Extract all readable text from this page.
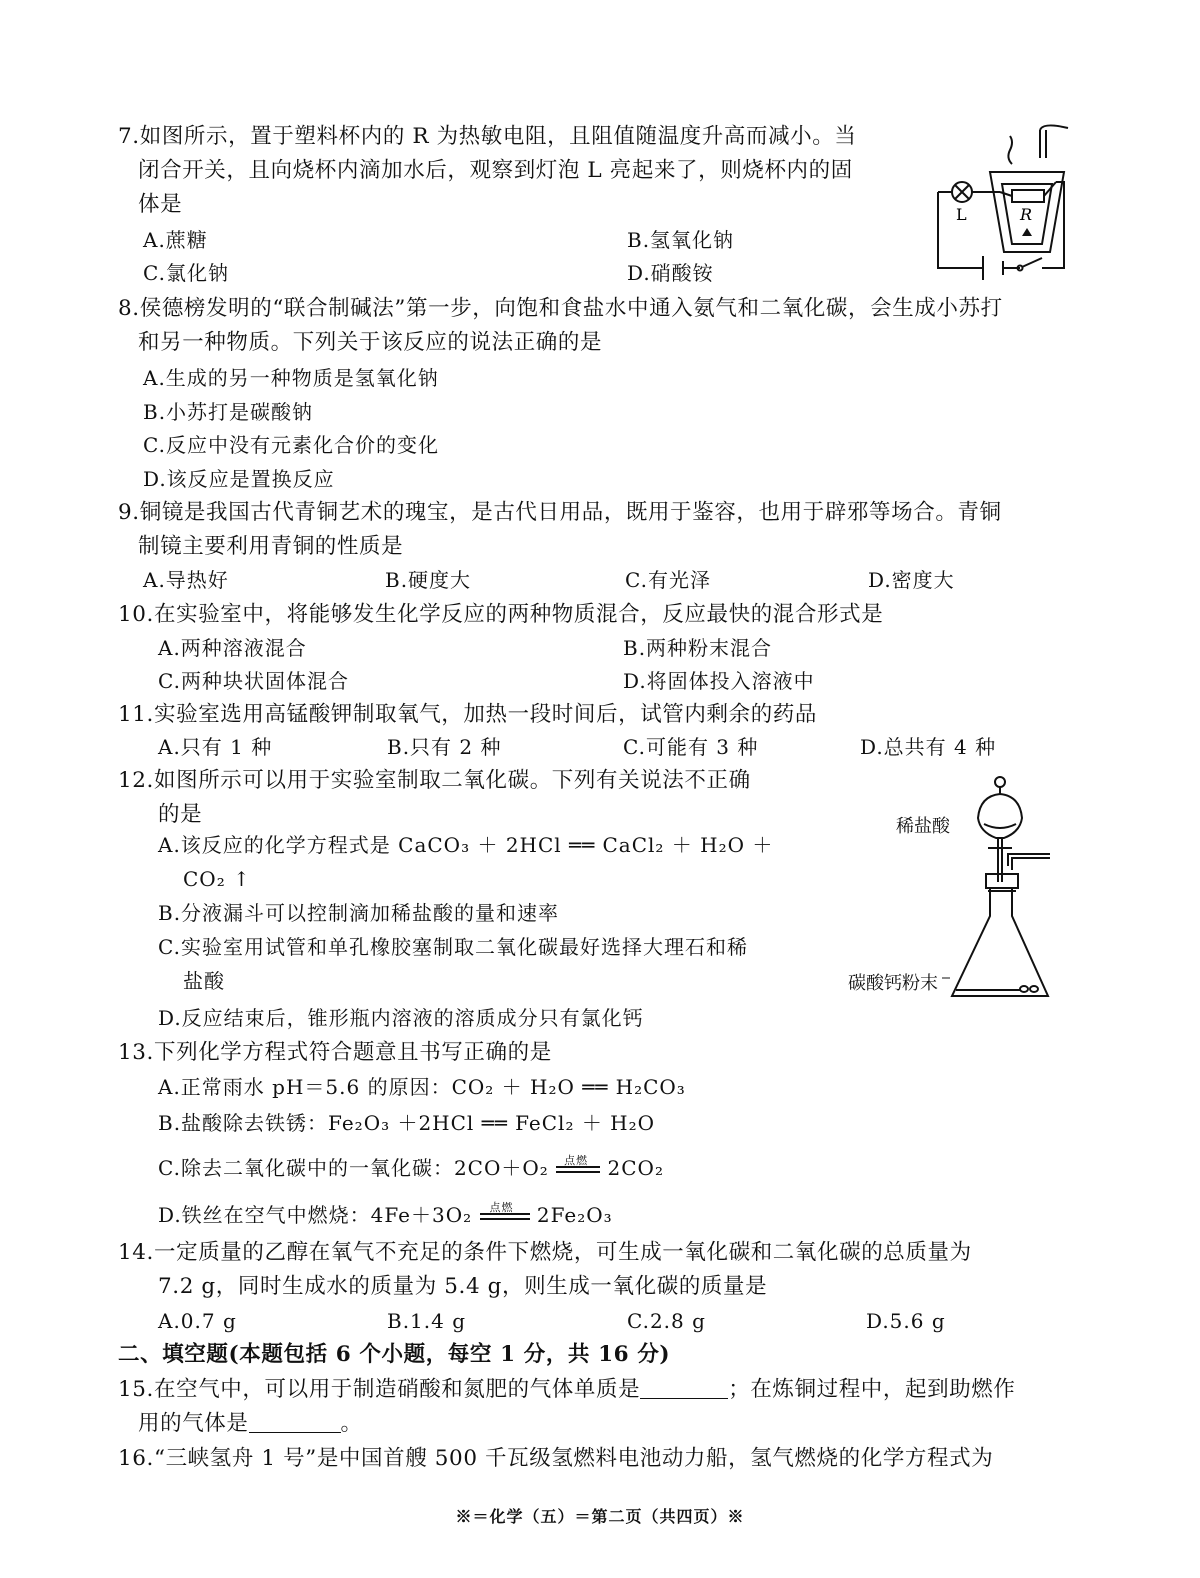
7.如图所示，置于塑料杯内的 R 为热敏电阻，且阻值随温度升高而减小。当
闭合开关，且向烧杯内滴加水后，观察到灯泡 L 亮起来了，则烧杯内的固
体是
A.蔗糖	B.氢氧化钠
C.氯化钠	D.硝酸铵
L	R
8.侯德榜发明的“联合制碱法”第一步，向饱和食盐水中通入氨气和二氧化碳，会生成小苏打
和另一种物质。下列关于该反应的说法正确的是
A.生成的另一种物质是氢氧化钠
B.小苏打是碳酸钠
C.反应中没有元素化合价的变化
D.该反应是置换反应
9.铜镜是我国古代青铜艺术的瑰宝，是古代日用品，既用于鉴容，也用于辟邪等场合。青铜
制镜主要利用青铜的性质是
A.导热好	B.硬度大	C.有光泽	D.密度大
10.在实验室中，将能够发生化学反应的两种物质混合，反应最快的混合形式是
A.两种溶液混合	B.两种粉末混合
C.两种块状固体混合	D.将固体投入溶液中
11.实验室选用高锰酸钾制取氧气，加热一段时间后，试管内剩余的药品
A.只有 1 种	B.只有 2 种	C.可能有 3 种	D.总共有 4 种
12.如图所示可以用于实验室制取二氧化碳。下列有关说法不正确
的是
A.该反应的化学方程式是 CaCO₃ ＋ 2HCl ══ CaCl₂ ＋ H₂O ＋
CO₂ ↑
B.分液漏斗可以控制滴加稀盐酸的量和速率
C.实验室用试管和单孔橡胶塞制取二氧化碳最好选择大理石和稀
盐酸
D.反应结束后，锥形瓶内溶液的溶质成分只有氯化钙
稀盐酸
碳酸钙粉末
13.下列化学方程式符合题意且书写正确的是
A.正常雨水 pH＝5.6 的原因：CO₂ ＋ H₂O ══ H₂CO₃
B.盐酸除去铁锈：Fe₂O₃ ＋2HCl ══ FeCl₂ ＋ H₂O
C.除去二氧化碳中的一氧化碳：2CO＋O₂ 点燃 2CO₂
D.铁丝在空气中燃烧：4Fe＋3O₂ 点燃 2Fe₂O₃
14.一定质量的乙醇在氧气不充足的条件下燃烧，可生成一氧化碳和二氧化碳的总质量为
7.2 g，同时生成水的质量为 5.4 g，则生成一氧化碳的质量是
A.0.7 g	B.1.4 g	C.2.8 g	D.5.6 g
二、填空题(本题包括 6 个小题，每空 1 分，共 16 分)
15.在空气中，可以用于制造硝酸和氮肥的气体单质是	；在炼铜过程中，起到助燃作
用的气体是	。
16.“三峡氢舟 1 号”是中国首艘 500 千瓦级氢燃料电池动力船，氢气燃烧的化学方程式为
※＝化学（五）＝第二页（共四页）※
